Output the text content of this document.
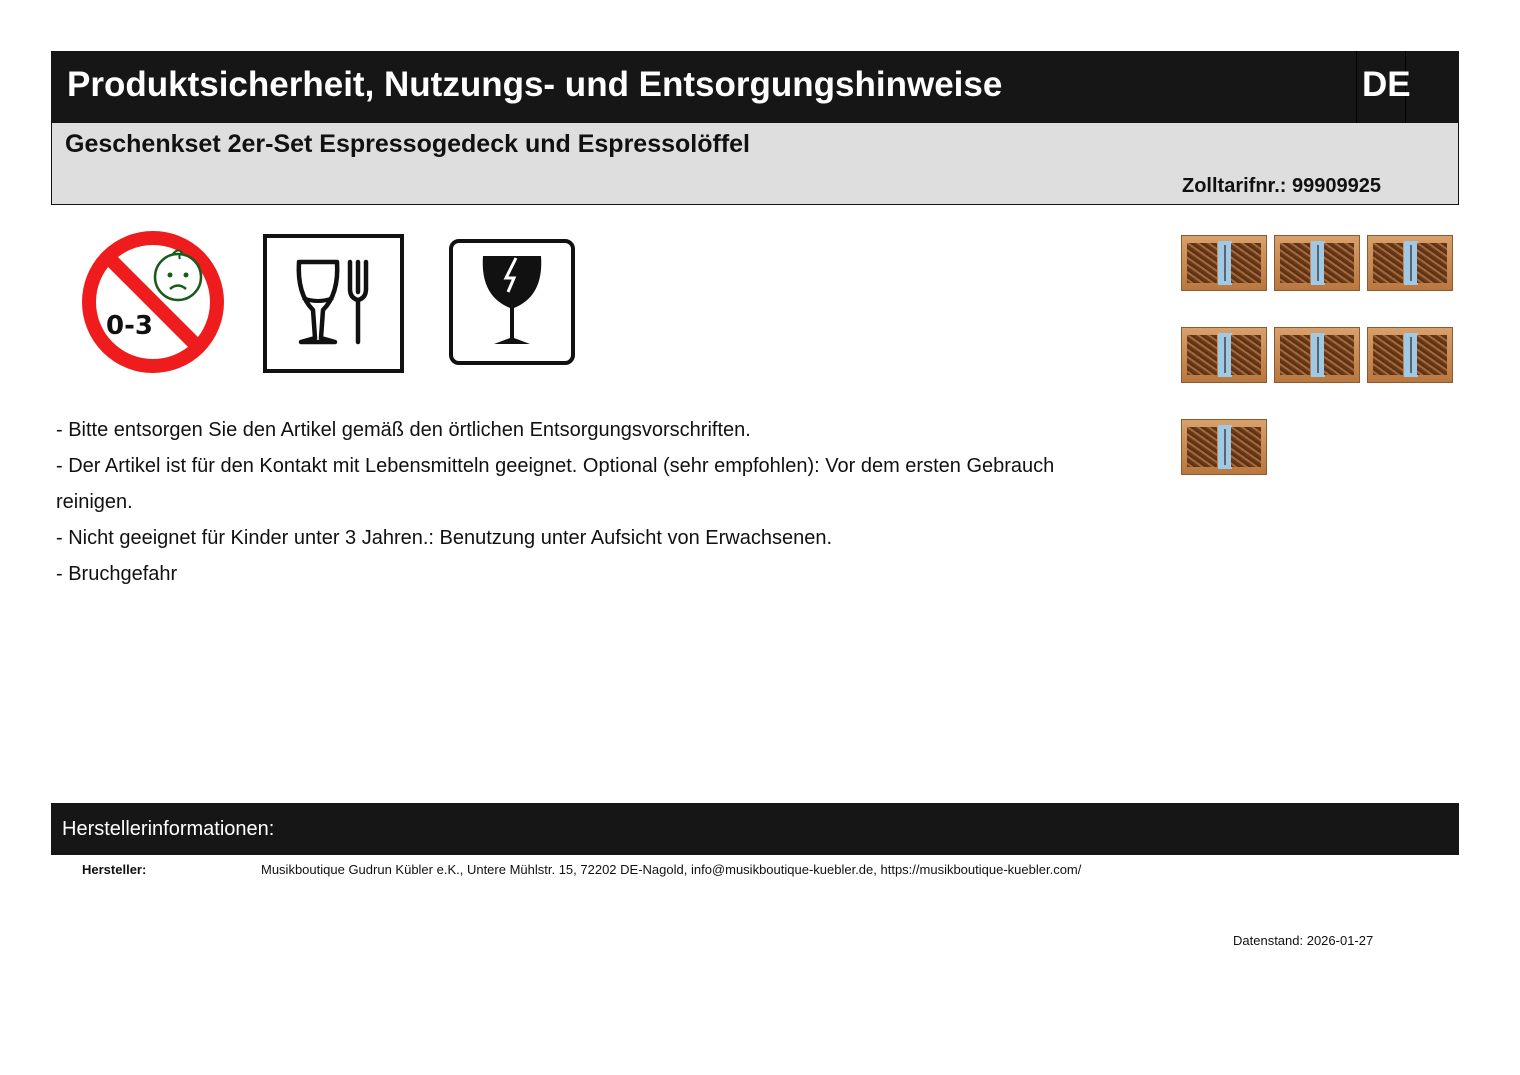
Produktsicherheit, Nutzungs- und Entsorgungshinweise	DE
Geschenkset 2er-Set Espressogedeck und Espressolöffel
Zolltarifnr.: 99909925
0-3

- Bitte entsorgen Sie den Artikel gemäß den örtlichen Entsorgungsvorschriften.

- Der Artikel ist für den Kontakt mit Lebensmitteln geeignet. Optional (sehr empfohlen): Vor dem ersten Gebrauch reinigen.

- Nicht geeignet für Kinder unter 3 Jahren.: Benutzung unter Aufsicht von Erwachsenen.

- Bruchgefahr

Herstellerinformationen:
Hersteller:	Musikboutique Gudrun Kübler e.K., Untere Mühlstr. 15, 72202 DE-Nagold, info@musikboutique-kuebler.de, https://musikboutique-kuebler.com/
Datenstand: 2026-01-27
